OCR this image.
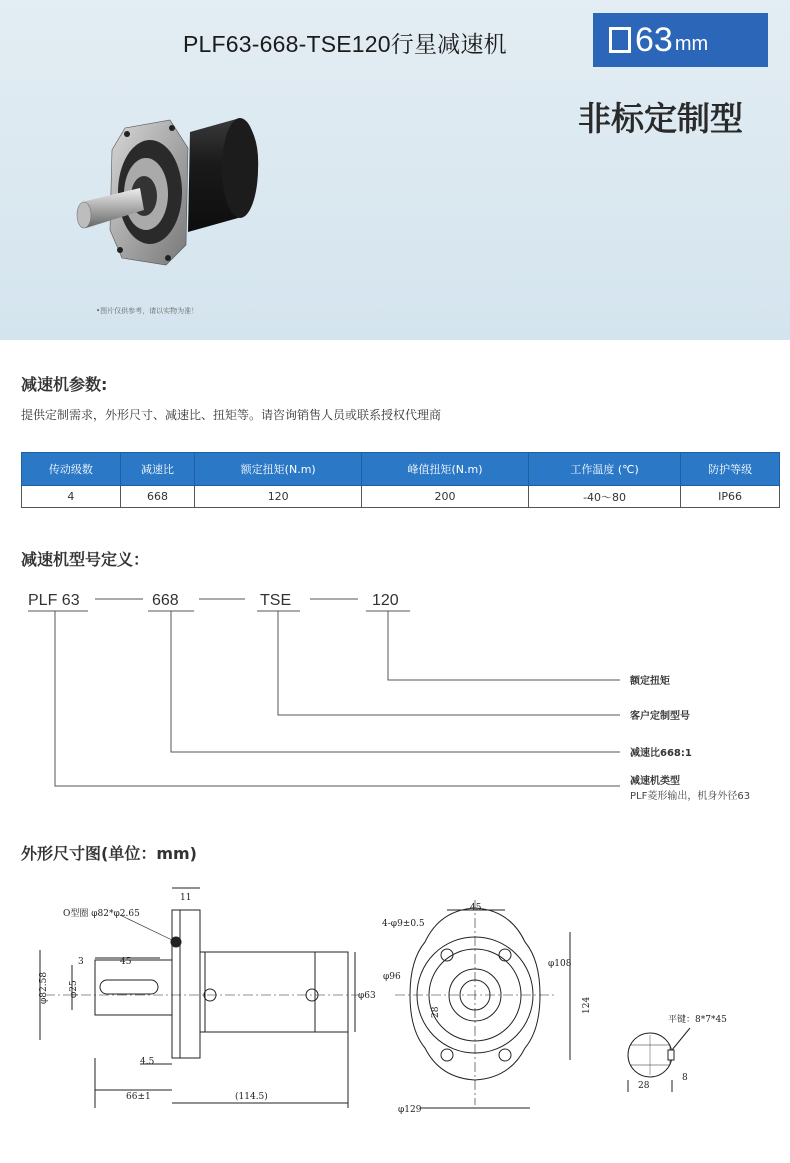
PLF63-668-TSE120行星减速机	63 mm
非标定制型
•图片仅供参考，请以实物为准！
减速机参数:
提供定制需求，外形尺寸、减速比、扭矩等。请咨询销售人员或联系授权代理商
传动级数	减速比	额定扭矩(N.m)	峰值扭矩(N.m)	工作温度 (℃)	防护等级
4	668	120	200	-40～80	IP66
减速机型号定义：
PLF 63	668	TSE	120
额定扭矩
客户定制型号
减速比668:1
减速机类型
PLF菱形输出，机身外径63
外形尺寸图(单位：mm)
O型圈 φ82*φ2.65
11
φ82.58 φ25	φ63
3	45
4.5
66±1	(114.5)
4-φ9±0.5
45
φ108
φ96
28	124
φ129
平键：8*7*45
28
8
